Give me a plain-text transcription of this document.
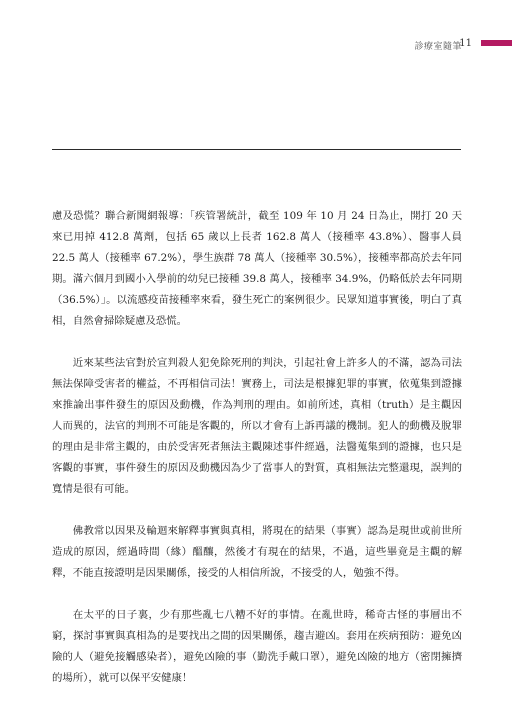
診療室隨筆
11

慮及恐慌？聯合新聞網報導：「疾管署統計，截至 109 年 10 月 24 日為止，開打 20 天來已用掉 412.8 萬劑，包括 65 歲以上長者 162.8 萬人（接種率 43.8%）、醫事人員 22.5 萬人（接種率 67.2%），學生族群 78 萬人（接種率 30.5%），接種率都高於去年同期。滿六個月到國小入學前的幼兒已接種 39.8 萬人，接種率 34.9%，仍略低於去年同期（36.5%）」。以流感疫苗接種率來看，發生死亡的案例很少。民眾知道事實後，明白了真相，自然會掃除疑慮及恐慌。

近來某些法官對於宣判殺人犯免除死刑的判決，引起社會上許多人的不滿，認為司法無法保障受害者的權益，不再相信司法！實務上，司法是根據犯罪的事實，依蒐集到證據來推論出事件發生的原因及動機，作為判刑的理由。如前所述，真相（truth）是主觀因人而異的，法官的判刑不可能是客觀的，所以才會有上訴再議的機制。犯人的動機及脫罪的理由是非常主觀的，由於受害死者無法主觀陳述事件經過，法醫蒐集到的證據，也只是客觀的事實，事件發生的原因及動機因為少了當事人的對質，真相無法完整還現，誤判的寬情是很有可能。

佛教常以因果及輪迴來解釋事實與真相，將現在的結果（事實）認為是現世或前世所造成的原因，經過時間（緣）醞釀，然後才有現在的結果，不過，這些畢竟是主觀的解釋，不能直接證明是因果關係，接受的人相信所說，不接受的人，勉強不得。

在太平的日子裏，少有那些亂七八糟不好的事情。在亂世時，稀奇古怪的事層出不窮，探討事實與真相為的是要找出之間的因果關係，趨吉避凶。套用在疾病預防：避免凶險的人（避免接觸感染者），避免凶險的事（勤洗手戴口罩），避免凶險的地方（密閉擁擠的場所），就可以保平安健康！
